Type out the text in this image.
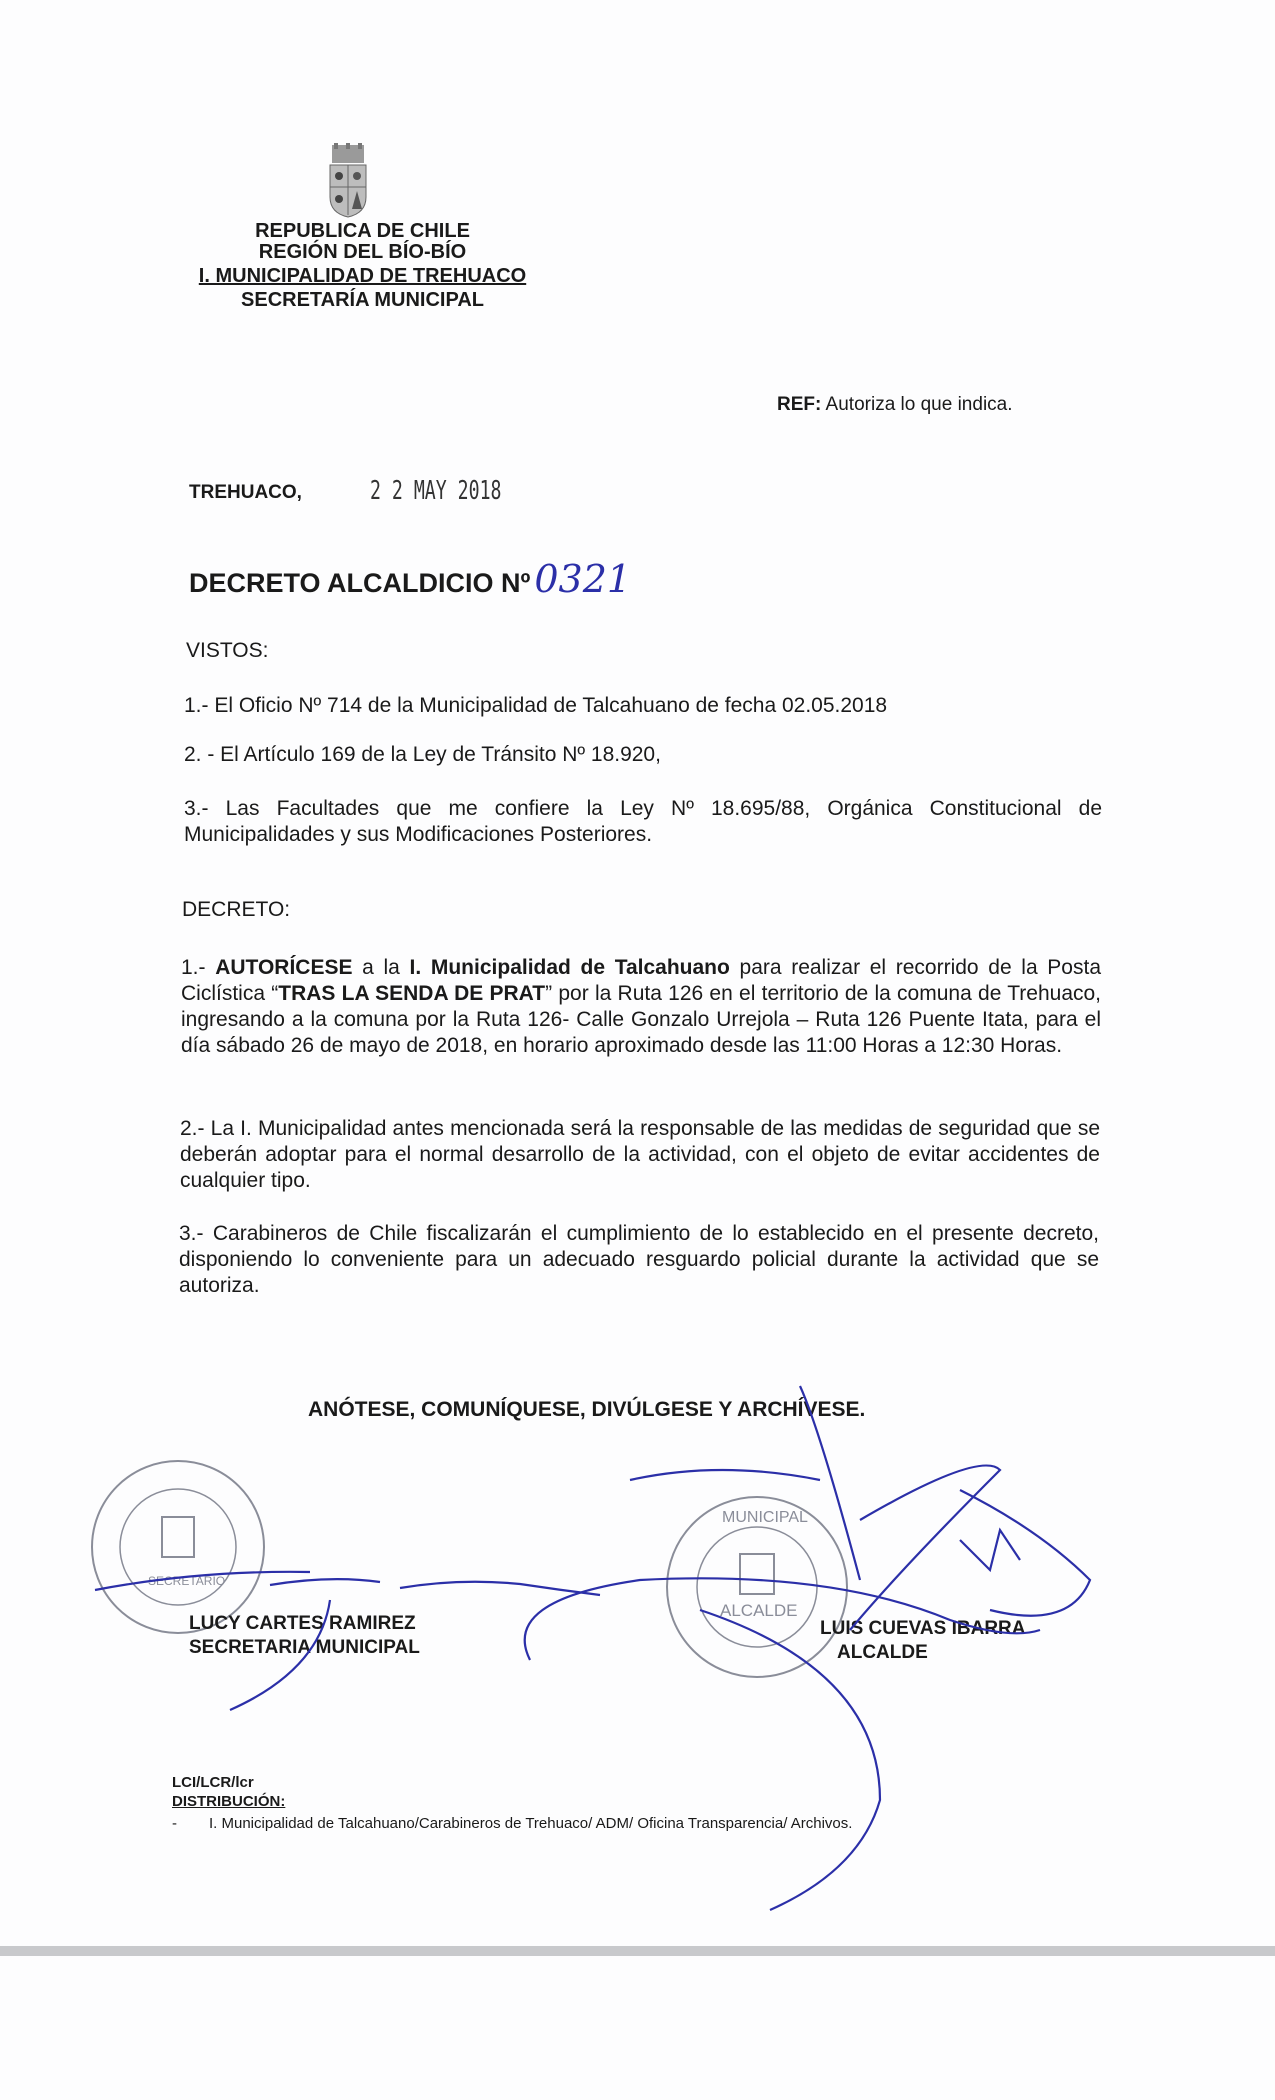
REPUBLICA DE CHILE
REGIÓN DEL BÍO-BÍO
I. MUNICIPALIDAD DE TREHUACO
SECRETARÍA MUNICIPAL
REF: Autoriza lo que indica.
TREHUACO,	2 2 MAY 2018
DECRETO ALCALDICIO Nº 0321
VISTOS:
1.- El Oficio Nº 714 de la Municipalidad de Talcahuano de fecha 02.05.2018
2. - El Artículo 169 de la Ley de Tránsito Nº 18.920,
3.- Las Facultades que me confiere la Ley Nº 18.695/88, Orgánica Constitucional de Municipalidades y sus Modificaciones Posteriores.
DECRETO:
1.- AUTORÍCESE a la I. Municipalidad de Talcahuano para realizar el recorrido de la Posta Ciclística “TRAS LA SENDA DE PRAT” por la Ruta 126 en el territorio de la comuna de Trehuaco, ingresando a la comuna por la Ruta 126- Calle Gonzalo Urrejola – Ruta 126 Puente Itata, para el día sábado 26 de mayo de 2018, en horario aproximado desde las 11:00 Horas a 12:30 Horas.
2.- La I. Municipalidad antes mencionada será la responsable de las medidas de seguridad que se deberán adoptar para el normal desarrollo de la actividad, con el objeto de evitar accidentes de cualquier tipo.
3.- Carabineros de Chile fiscalizarán el cumplimiento de lo establecido en el presente decreto, disponiendo lo conveniente para un adecuado resguardo policial durante la actividad que se autoriza.
ANÓTESE, COMUNÍQUESE, DIVÚLGESE Y ARCHÍVESE.
SECRETARIO
ALCALDE
MUNICIPAL
LUCY CARTES RAMIREZ
SECRETARIA MUNICIPAL
LUIS CUEVAS IBARRA
ALCALDE
LCI/LCR/lcr
DISTRIBUCIÓN:
- I. Municipalidad de Talcahuano/Carabineros de Trehuaco/ ADM/ Oficina Transparencia/ Archivos.
